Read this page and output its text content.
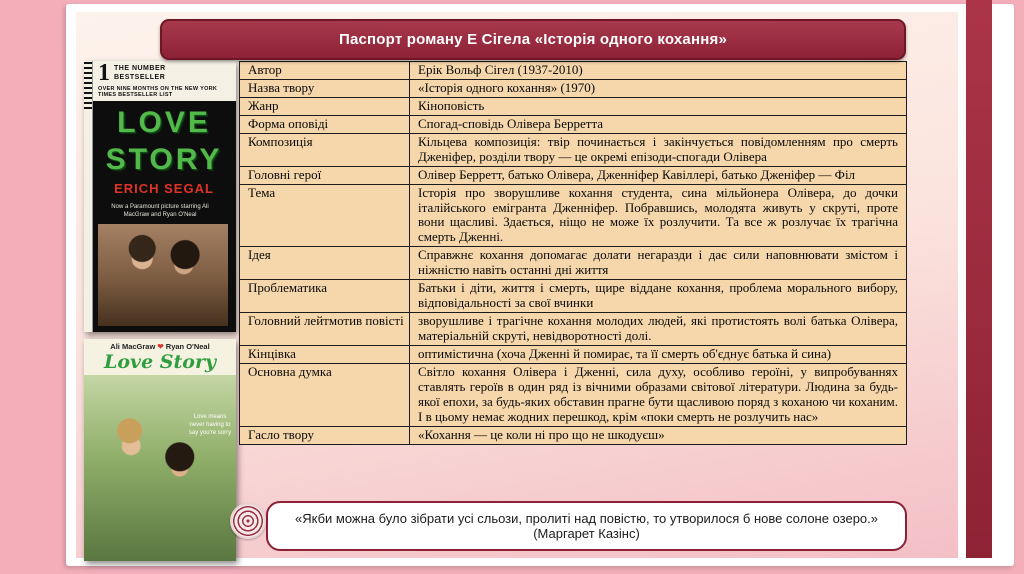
Паспорт роману Е Сігела «Історія одного кохання»
1 THE NUMBER
BESTSELLER
OVER NINE MONTHS ON THE NEW YORK TIMES BESTSELLER LIST
LOVE
STORY
ERICH SEGAL
Now a Paramount picture starring Ali MacGraw and Ryan O'Neal
Ali MacGraw ❤ Ryan O'Neal
Love Story
Love means never having to say you're sorry
Автор	Ерік Вольф Сігел (1937-2010)
Назва твору	«Історія одного кохання» (1970)
Жанр	Кіноповість
Форма оповіді	Спогад-сповідь Олівера Берретта
Композиція	Кільцева композиція: твір починається і закінчується повідомленням про смерть Дженіфер, розділи твору — це окремі епізоди-спогади Олівера
Головні герої	Олівер Берретт, батько Олівера, Дженніфер Кавіллері, батько Дженіфер — Філ
Тема	Історія про зворушливе кохання студента, сина мільйонера Олівера, до дочки італійського емігранта Дженніфер. Побравшись, молодята живуть у скруті, проте вони щасливі. Здається, ніщо не може їх розлучити. Та все ж розлучає їх трагічна смерть Дженні.
Ідея	Справжнє кохання допомагає долати негаразди і дає сили наповнювати змістом і ніжністю навіть останні дні життя
Проблематика	Батьки і діти, життя і смерть, щире віддане кохання, проблема морального вибору, відповідальності за свої вчинки
Головний лейтмотив повісті	зворушливе і трагічне кохання молодих людей, які протистоять волі батька Олівера, матеріальній скруті, невідворотності долі.
Кінцівка	оптимістична (хоча Дженні й помирає, та її смерть об'єднує батька й сина)
Основна думка	Світло кохання Олівера і Дженні, сила духу, особливо героїні, у випробуваннях ставлять героїв в один ряд із вічними образами світової літератури. Людина за будь-якої епохи, за будь-яких обставин прагне бути щасливою поряд з коханою чи коханим. І в цьому немає жодних перешкод, крім «поки смерть не розлучить нас»
Гасло твору	«Кохання — це коли ні про що не шкодуєш»
«Якби можна було зібрати усі сльози, пролиті над повістю, то утворилося б нове солоне озеро.» (Маргарет Казінс)
